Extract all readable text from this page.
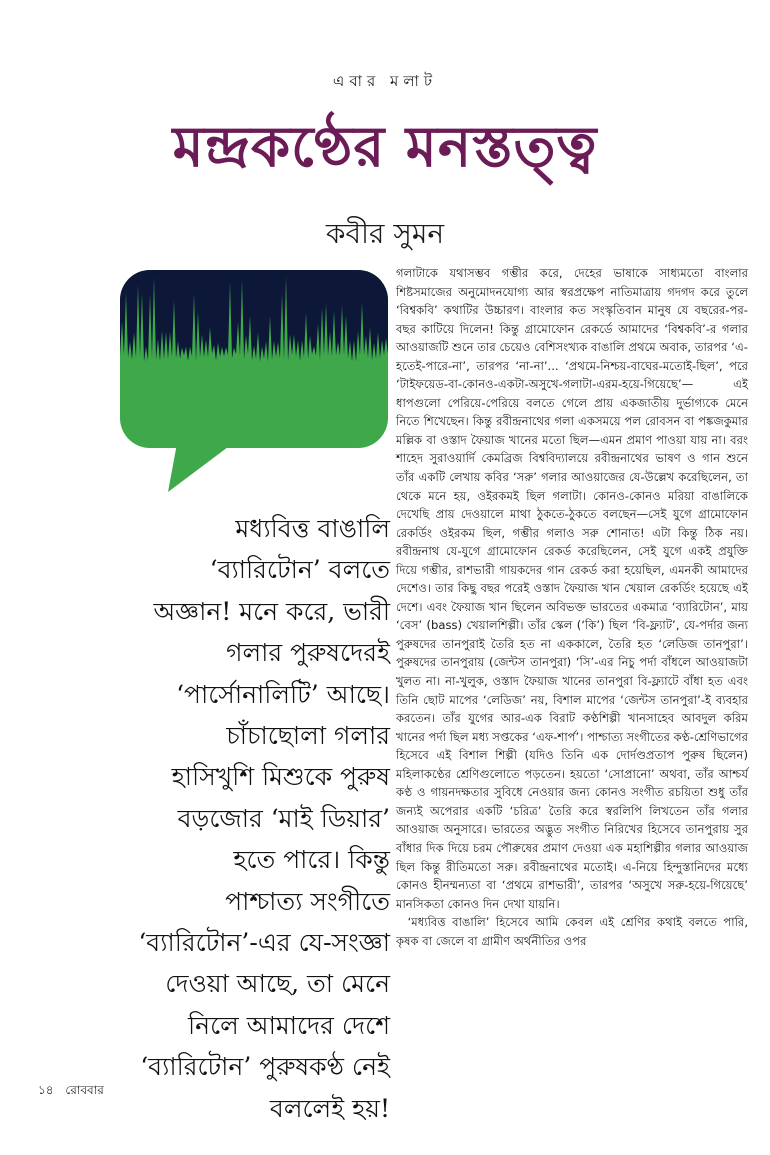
এবার মলাট
মন্দ্রকণ্ঠের মনস্তত্ত্ব
কবীর সুমন
মধ্যবিত্ত বাঙালি
‘ব্যারিটোন’ বলতে
অজ্ঞান! মনে করে, ভারী
গলার পুরুষদেরই
‘পার্সোনালিটি’ আছে।
চাঁচাছোলা গলার
হাসিখুশি মিশুকে পুরুষ
বড়জোর ‘মাই ডিয়ার’
হতে পারে। কিন্তু
পাশ্চাত্য সংগীতে
‘ব্যারিটোন’-এর যে-সংজ্ঞা
দেওয়া আছে, তা মেনে
নিলে আমাদের দেশে
‘ব্যারিটোন’ পুরুষকণ্ঠ নেই
বললেই হয়!

গলাটাকে যথাসম্ভব গম্ভীর করে, দেহের ভাষাকে সাধ্যমতো বাংলার শিষ্টসমাজের অনুমোদনযোগ্য আর স্বরপ্রক্ষেপ নাতিমাত্রায় গদগদ করে তুলে ‘বিশ্বকবি’ কথাটির উচ্চারণ। বাংলার কত সংস্কৃতিবান মানুষ যে বছরের-পর-বছর কাটিয়ে দিলেন! কিন্তু গ্রামোফোন রেকর্ডে আমাদের ‘বিশ্বকবি’-র গলার আওয়াজটি শুনে তার চেয়েও বেশিসংখ্যক বাঙালি প্রথমে অবাক, তারপর ‘এ-হতেই-পারে-না’, তারপর ‘না-না’... ‘প্রথমে-নিশ্চয়-বাঘের-মতোই-ছিল’, পরে ‘টাইফয়েড-বা-কোনও-একটা-অসুখে-গলাটা-এরম-হয়ে-গিয়েছে’— এই ধাপগুলো পেরিয়ে-পেরিয়ে বলতে গেলে প্রায় একজাতীয় দুর্ভাগ্যকে মেনে নিতে শিখেছেন। কিন্তু রবীন্দ্রনাথের গলা একসময়ে পল রোবসন বা পঙ্কজকুমার মল্লিক বা ওস্তাদ ফৈয়াজ খানের মতো ছিল—এমন প্রমাণ পাওয়া যায় না। বরং শাহেদ সুরাওয়ার্দি কেমব্রিজ বিশ্ববিদ্যালয়ে রবীন্দ্রনাথের ভাষণ ও গান শুনে তাঁর একটি লেখায় কবির ‘সরু’ গলার আওয়াজের যে-উল্লেখ করেছিলেন, তা থেকে মনে হয়, ওইরকমই ছিল গলাটা। কোনও-কোনও মরিয়া বাঙালিকে দেখেছি প্রায় দেওয়ালে মাথা ঠুকতে-ঠুকতে বলছেন—সেই যুগে গ্রামোফোন রেকর্ডিং ওইরকম ছিল, গম্ভীর গলাও সরু শোনাত! এটা কিন্তু ঠিক নয়। রবীন্দ্রনাথ যে-যুগে গ্রামোফোন রেকর্ড করেছিলেন, সেই যুগে একই প্রযুক্তি দিয়ে গম্ভীর, রাশভারী গায়কদের গান রেকর্ড করা হয়েছিল, এমনকী আমাদের দেশেও। তার কিছু বছর পরেই ওস্তাদ ফৈয়াজ খান খেয়াল রেকর্ডিং হয়েছে এই দেশে। এবং ফৈয়াজ খান ছিলেন অবিভক্ত ভারতের একমাত্র ‘ব্যারিটোন’, মায় ‘বেস’ (bass) খেয়ালশিল্পী। তাঁর স্কেল (‘কি’) ছিল ‘বি-ফ্ল্যাট’, যে-পর্দার জন্য পুরুষদের তানপুরাই তৈরি হত না এককালে, তৈরি হত ‘লেডিজ তানপুরা’। পুরুষদের তানপুরায় (জেন্টস তানপুরা) ‘সি’-এর নিচু পর্দা বাঁধলে আওয়াজটা খুলত না। না-খুলুক, ওস্তাদ ফৈয়াজ খানের তানপুরা বি-ফ্ল্যাটে বাঁধা হত এবং তিনি ছোট মাপের ‘লেডিজ’ নয়, বিশাল মাপের ‘জেন্টস তানপুরা’-ই ব্যবহার করতেন। তাঁর যুগের আর-এক বিরাট কণ্ঠশিল্পী খানসাহেব আবদুল করিম খানের পর্দা ছিল মধ্য সপ্তকের ‘এফ-শার্প’। পাশ্চাত্য সংগীতের কণ্ঠ-শ্রেণিভাগের হিসেবে এই বিশাল শিল্পী (যদিও তিনি এক দোর্দণ্ডপ্রতাপ পুরুষ ছিলেন) মহিলাকণ্ঠের শ্রেণিগুলোতে পড়তেন। হয়তো ‘সোপ্রানো’ অথবা, তাঁর আশ্চর্য কণ্ঠ ও গায়নদক্ষতার সুবিধে নেওয়ার জন্য কোনও সংগীত রচয়িতা শুধু তাঁর জন্যই অপেরার একটি ‘চরিত্র’ তৈরি করে স্বরলিপি লিখতেন তাঁর গলার আওয়াজ অনুসারে। ভারতের অদ্ভুত সংগীত নিরিখের হিসেবে তানপুরায় সুর বাঁধার দিক দিয়ে চরম পৌরুষের প্রমাণ দেওয়া এক মহাশিল্পীর গলার আওয়াজ ছিল কিন্তু রীতিমতো সরু। রবীন্দ্রনাথের মতোই। এ-নিয়ে হিন্দুস্তানিদের মধ্যে কোনও হীনম্মন্যতা বা ‘প্রথমে রাশভারী’, তারপর ‘অসুখে সরু-হয়ে-গিয়েছে’ মানসিকতা কোনও দিন দেখা যায়নি।

‘মধ্যবিত্ত বাঙালি’ হিসেবে আমি কেবল এই শ্রেণির কথাই বলতে পারি, কৃষক বা জেলে বা গ্রামীণ অর্থনীতির ওপর

১৪ রোববার
